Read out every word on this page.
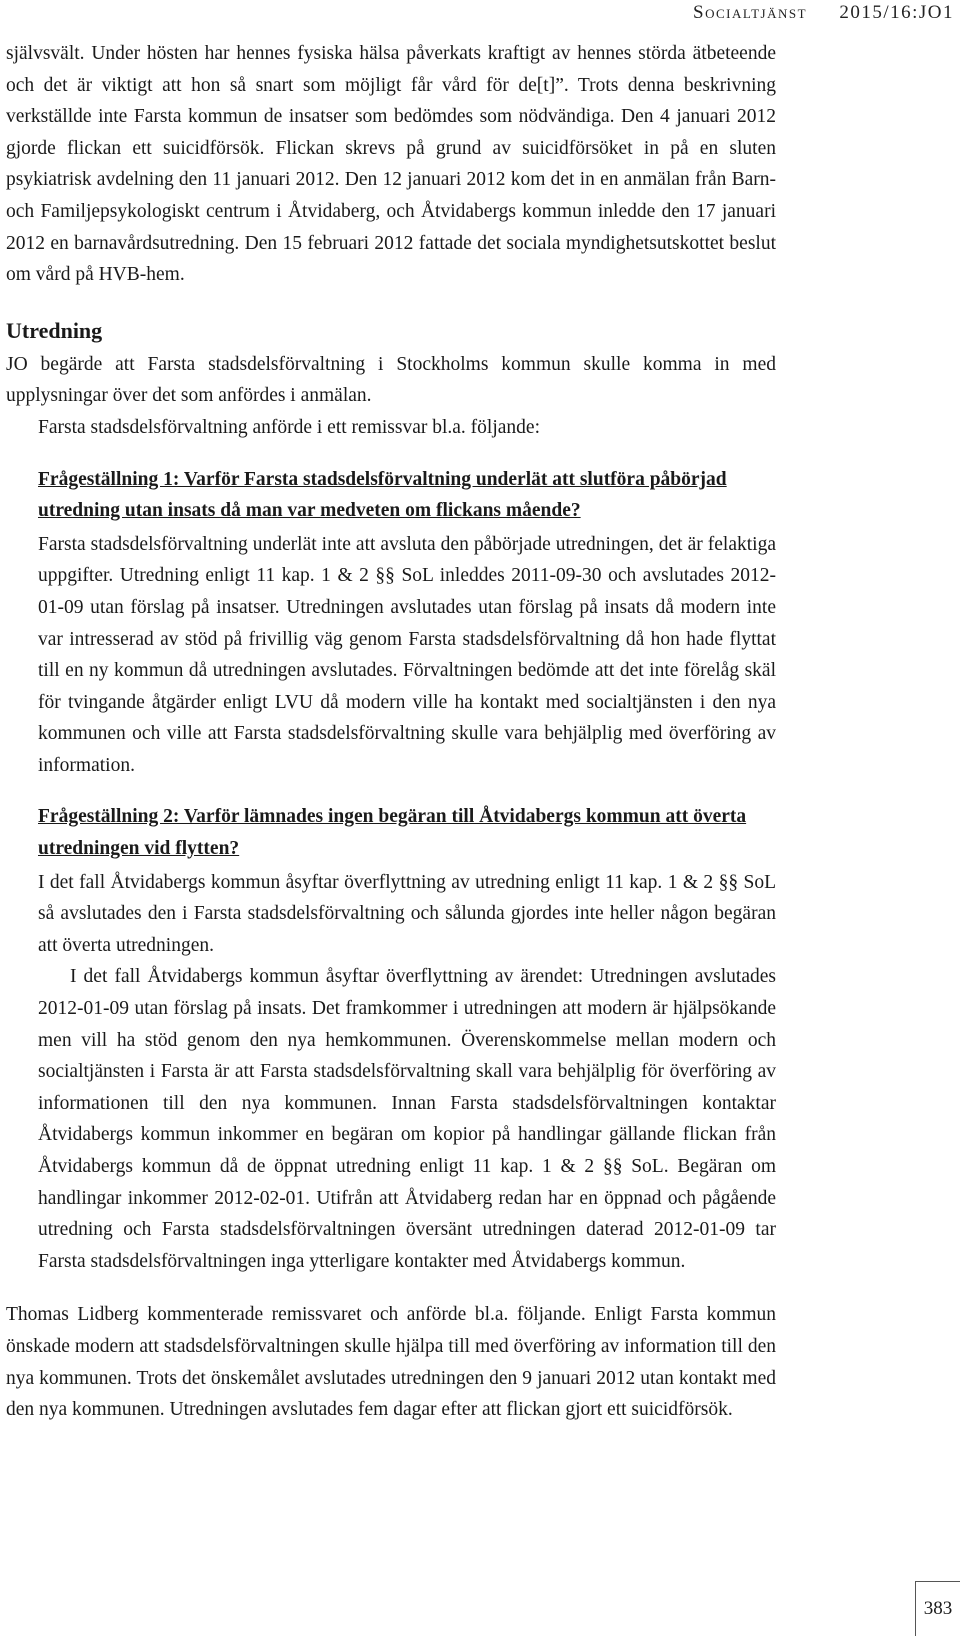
Socialtjänst 2015/16:JO1

självsvält. Under hösten har hennes fysiska hälsa påverkats kraftigt av hennes störda ätbeteende och det är viktigt att hon så snart som möjligt får vård för de[t]”. Trots denna beskrivning verkställde inte Farsta kommun de insatser som bedömdes som nödvändiga. Den 4 januari 2012 gjorde flickan ett suicidförsök. Flickan skrevs på grund av suicidförsöket in på en sluten psykiatrisk avdelning den 11 januari 2012. Den 12 januari 2012 kom det in en anmälan från Barn- och Familjepsykologiskt centrum i Åtvidaberg, och Åtvidabergs kommun inledde den 17 januari 2012 en barnavårdsutredning. Den 15 februari 2012 fattade det sociala myndighetsutskottet beslut om vård på HVB-hem.

Utredning

JO begärde att Farsta stadsdelsförvaltning i Stockholms kommun skulle komma in med upplysningar över det som anfördes i anmälan.

Farsta stadsdelsförvaltning anförde i ett remissvar bl.a. följande:

Frågeställning 1: Varför Farsta stadsdelsförvaltning underlät att slutföra påbörjad utredning utan insats då man var medveten om flickans mående?

Farsta stadsdelsförvaltning underlät inte att avsluta den påbörjade utredningen, det är felaktiga uppgifter. Utredning enligt 11 kap. 1 & 2 §§ SoL inleddes 2011-09-30 och avslutades 2012-01-09 utan förslag på insatser. Utredningen avslutades utan förslag på insats då modern inte var intresserad av stöd på frivillig väg genom Farsta stadsdelsförvaltning då hon hade flyttat till en ny kommun då utredningen avslutades. Förvaltningen bedömde att det inte förelåg skäl för tvingande åtgärder enligt LVU då modern ville ha kontakt med socialtjänsten i den nya kommunen och ville att Farsta stadsdelsförvaltning skulle vara behjälplig med överföring av information.

Frågeställning 2: Varför lämnades ingen begäran till Åtvidabergs kommun att överta utredningen vid flytten?

I det fall Åtvidabergs kommun åsyftar överflyttning av utredning enligt 11 kap. 1 & 2 §§ SoL så avslutades den i Farsta stadsdelsförvaltning och sålunda gjordes inte heller någon begäran att överta utredningen.

I det fall Åtvidabergs kommun åsyftar överflyttning av ärendet: Utredningen avslutades 2012-01-09 utan förslag på insats. Det framkommer i utredningen att modern är hjälpsökande men vill ha stöd genom den nya hemkommunen. Överenskommelse mellan modern och socialtjänsten i Farsta är att Farsta stadsdelsförvaltning skall vara behjälplig för överföring av informationen till den nya kommunen. Innan Farsta stadsdelsförvaltningen kontaktar Åtvidabergs kommun inkommer en begäran om kopior på handlingar gällande flickan från Åtvidabergs kommun då de öppnat utredning enligt 11 kap. 1 & 2 §§ SoL. Begäran om handlingar inkommer 2012-02-01. Utifrån att Åtvidaberg redan har en öppnad och pågående utredning och Farsta stadsdelsförvaltningen översänt utredningen daterad 2012-01-09 tar Farsta stadsdelsförvaltningen inga ytterligare kontakter med Åtvidabergs kommun.

Thomas Lidberg kommenterade remissvaret och anförde bl.a. följande. Enligt Farsta kommun önskade modern att stadsdelsförvaltningen skulle hjälpa till med överföring av information till den nya kommunen. Trots det önskemålet avslutades utredningen den 9 januari 2012 utan kontakt med den nya kommunen. Utredningen avslutades fem dagar efter att flickan gjort ett suicidförsök.

383
